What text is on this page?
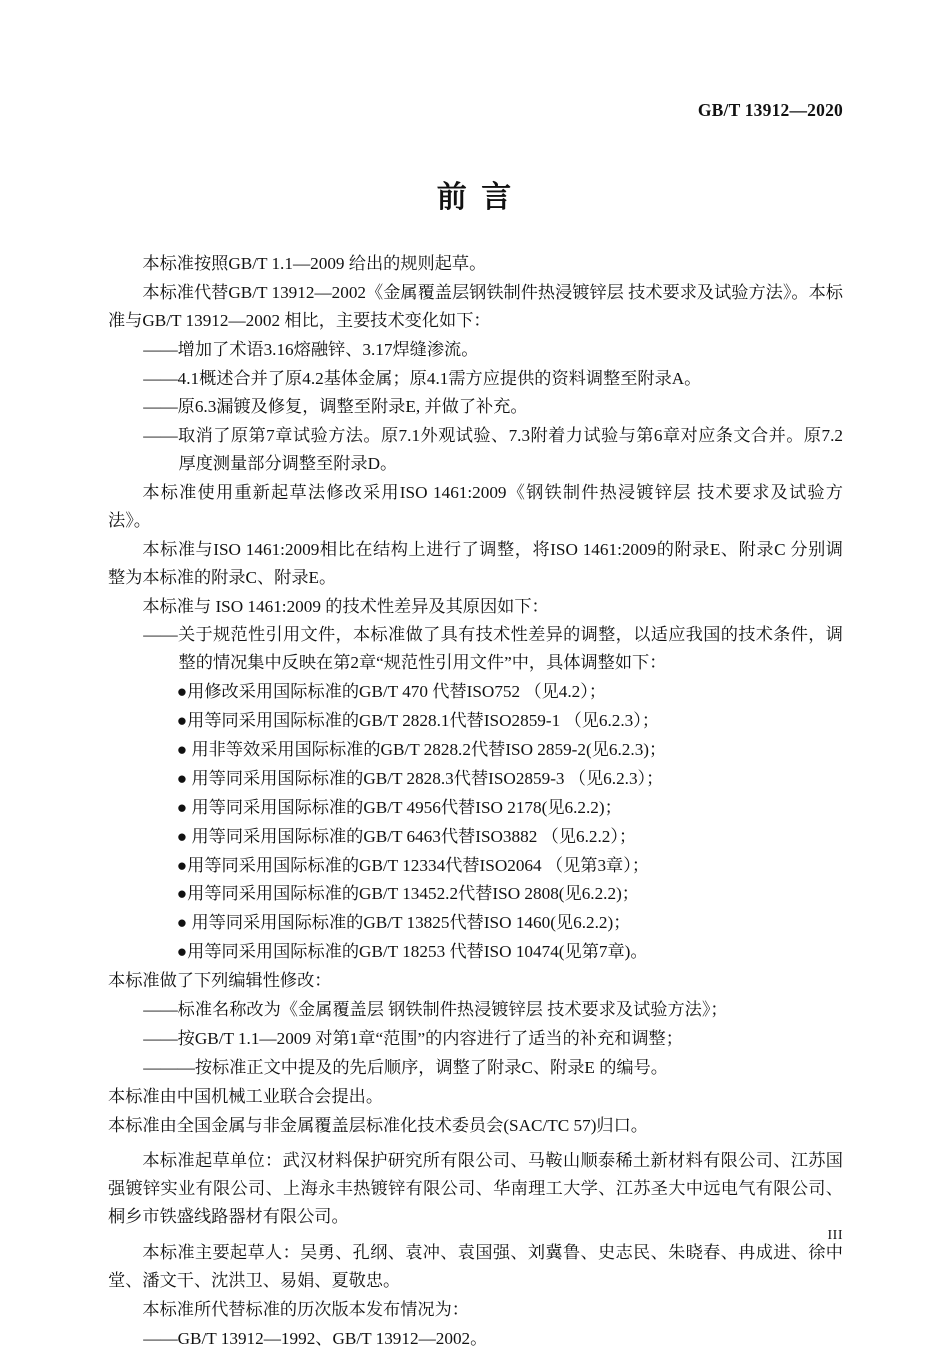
GB/T 13912—2020
前 言

本标准按照GB/T 1.1—2009 给出的规则起草。

本标准代替GB/T 13912—2002《金属覆盖层钢铁制件热浸镀锌层 技术要求及试验方法》。本标准与GB/T 13912—2002 相比，主要技术变化如下：

——增加了术语3.16熔融锌、3.17焊缝渗流。

——4.1概述合并了原4.2基体金属；原4.1需方应提供的资料调整至附录A。

——原6.3漏镀及修复，调整至附录E, 并做了补充。

——取消了原第7章试验方法。原7.1外观试验、7.3附着力试验与第6章对应条文合并。原7.2厚度测量部分调整至附录D。

本标准使用重新起草法修改采用ISO 1461:2009《钢铁制件热浸镀锌层 技术要求及试验方法》。

本标准与ISO 1461:2009相比在结构上进行了调整，将ISO 1461:2009的附录E、附录C 分别调整为本标准的附录C、附录E。

本标准与 ISO 1461:2009 的技术性差异及其原因如下：

——关于规范性引用文件，本标准做了具有技术性差异的调整，以适应我国的技术条件，调整的情况集中反映在第2章“规范性引用文件”中，具体调整如下：

●用修改采用国际标准的GB/T 470 代替ISO752 （见4.2）；

●用等同采用国际标准的GB/T 2828.1代替ISO2859-1 （见6.2.3）；

● 用非等效采用国际标准的GB/T 2828.2代替ISO 2859-2(见6.2.3)；

● 用等同采用国际标准的GB/T 2828.3代替ISO2859-3 （见6.2.3）；

● 用等同采用国际标准的GB/T 4956代替ISO 2178(见6.2.2)；

● 用等同采用国际标准的GB/T 6463代替ISO3882 （见6.2.2）；

●用等同采用国际标准的GB/T 12334代替ISO2064 （见第3章）；

●用等同采用国际标准的GB/T 13452.2代替ISO 2808(见6.2.2)；

● 用等同采用国际标准的GB/T 13825代替ISO 1460(见6.2.2)；

●用等同采用国际标准的GB/T 18253 代替ISO 10474(见第7章)。

本标准做了下列编辑性修改：

——标准名称改为《金属覆盖层 钢铁制件热浸镀锌层 技术要求及试验方法》；

——按GB/T 1.1—2009 对第1章“范围”的内容进行了适当的补充和调整；

———按标准正文中提及的先后顺序，调整了附录C、附录E 的编号。

本标准由中国机械工业联合会提出。

本标准由全国金属与非金属覆盖层标准化技术委员会(SAC/TC 57)归口。

本标准起草单位：武汉材料保护研究所有限公司、马鞍山顺泰稀土新材料有限公司、江苏国强镀锌实业有限公司、上海永丰热镀锌有限公司、华南理工大学、江苏圣大中远电气有限公司、桐乡市铁盛线路器材有限公司。

本标准主要起草人：吴勇、孔纲、袁冲、袁国强、刘冀鲁、史志民、朱晓春、冉成进、徐中堂、潘文干、沈洪卫、易娟、夏敬忠。

本标准所代替标准的历次版本发布情况为：

——GB/T 13912—1992、GB/T 13912—2002。

III
